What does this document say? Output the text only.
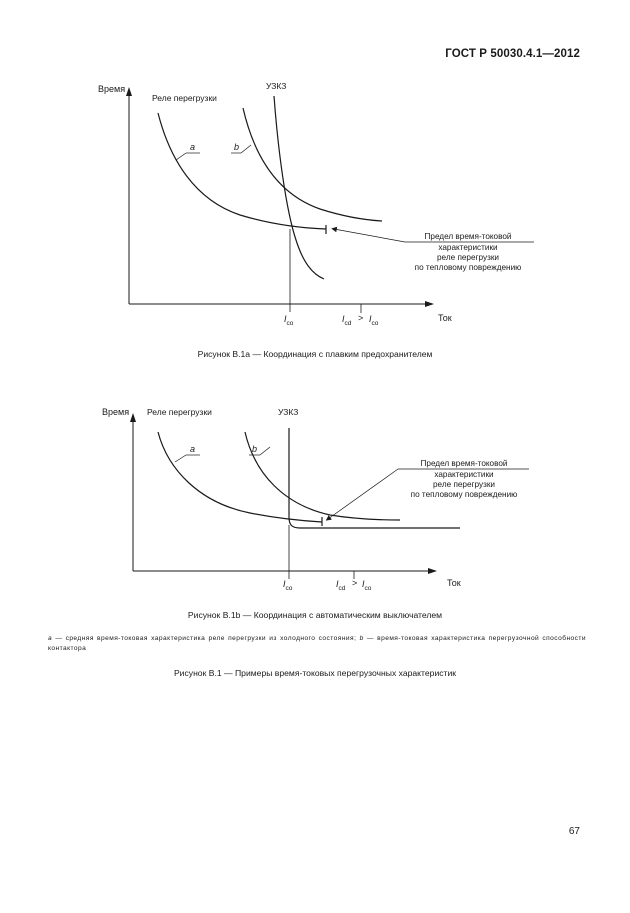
ГОСТ Р 50030.4.1—2012
Время
Ток
Реле перегрузки
УЗКЗ
a	b
Предел время-токовой
характеристики
реле перегрузки
по тепловому повреждению
$I_{co}$	$I_{cd}$
> $I_{co}$
Рисунок В.1а — Координация с плавким предохранителем
Время
Ток
Реле перегрузки	УЗКЗ
a	b
Предел время-токовой
характеристики
реле перегрузки
по тепловому повреждению
$I_{co}$	$I_{cd}$
> $I_{co}$
Рисунок В.1b — Координация с автоматическим выключателем
a — средняя время-токовая характеристика реле перегрузки из холодного состояния; b — время-токовая характеристика перегрузочной способности контактора
Рисунок В.1 — Примеры время-токовых перегрузочных характеристик
67
